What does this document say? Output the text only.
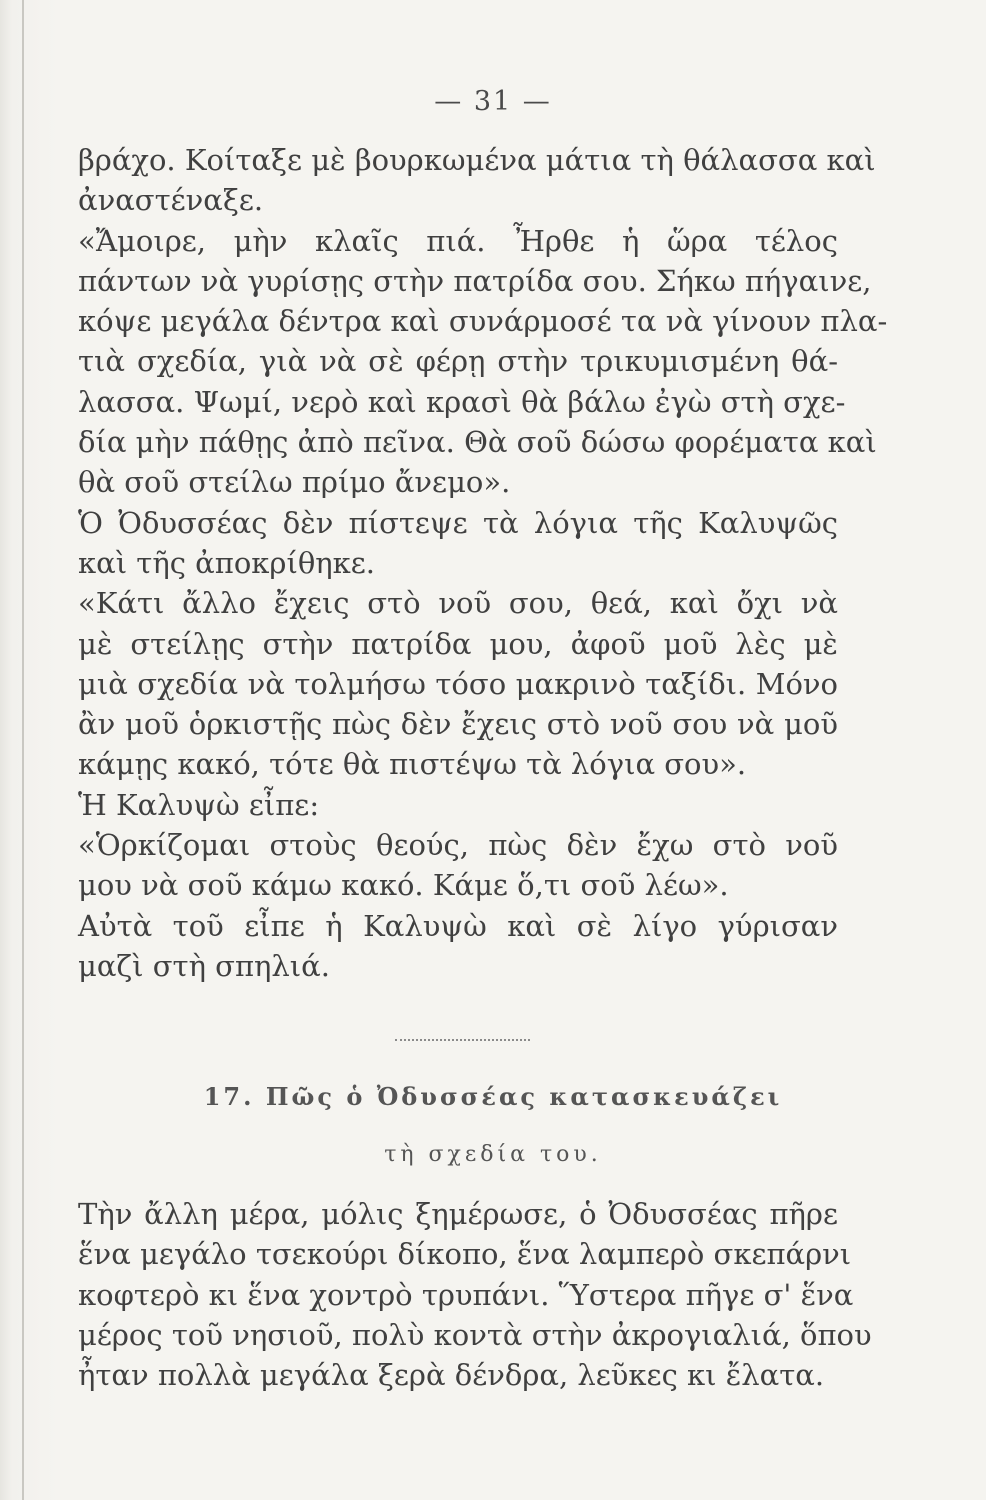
— 31 —
βράχο. Κοίταξε μὲ βουρκωμένα μάτια τὴ θάλασσα καὶ
ἀναστέναξε.
«Ἄμοιρε, μὴν κλαῖς πιά. Ἦρθε ἡ ὥρα τέλος
πάντων νὰ γυρίσῃς στὴν πατρίδα σου. Σήκω πήγαινε,
κόψε μεγάλα δέντρα καὶ συνάρμοσέ τα νὰ γίνουν πλα-
τιὰ σχεδία, γιὰ νὰ σὲ φέρῃ στὴν τρικυμισμένη θά-
λασσα. Ψωμί, νερὸ καὶ κρασὶ θὰ βάλω ἐγὼ στὴ σχε-
δία μὴν πάθῃς ἀπὸ πεῖνα. Θὰ σοῦ δώσω φορέματα καὶ
θὰ σοῦ στείλω πρίμο ἄνεμο».
Ὁ Ὀδυσσέας δὲν πίστεψε τὰ λόγια τῆς Καλυψῶς
καὶ τῆς ἀποκρίθηκε.
«Κάτι ἄλλο ἔχεις στὸ νοῦ σου, θεά, καὶ ὄχι νὰ
μὲ στείλῃς στὴν πατρίδα μου, ἀφοῦ μοῦ λὲς μὲ
μιὰ σχεδία νὰ τολμήσω τόσο μακρινὸ ταξίδι. Μόνο
ἂν μοῦ ὁρκιστῇς πὼς δὲν ἔχεις στὸ νοῦ σου νὰ μοῦ
κάμῃς κακό, τότε θὰ πιστέψω τὰ λόγια σου».
Ἡ Καλυψὼ εἶπε:
«Ὁρκίζομαι στοὺς θεούς, πὼς δὲν ἔχω στὸ νοῦ
μου νὰ σοῦ κάμω κακό. Κάμε ὅ,τι σοῦ λέω».
Αὐτὰ τοῦ εἶπε ἡ Καλυψὼ καὶ σὲ λίγο γύρισαν
μαζὶ στὴ σπηλιά.
17. Πῶς ὁ Ὀδυσσέας κατασκευάζει
τὴ σχεδία του.
Τὴν ἄλλη μέρα, μόλις ξημέρωσε, ὁ Ὀδυσσέας πῆρε
ἕνα μεγάλο τσεκούρι δίκοπο, ἕνα λαμπερὸ σκεπάρνι
κοφτερὸ κι ἕνα χοντρὸ τρυπάνι. Ὕστερα πῆγε σ' ἕνα
μέρος τοῦ νησιοῦ, πολὺ κοντὰ στὴν ἀκρογιαλιά, ὅπου
ἦταν πολλὰ μεγάλα ξερὰ δένδρα, λεῦκες κι ἔλατα.
